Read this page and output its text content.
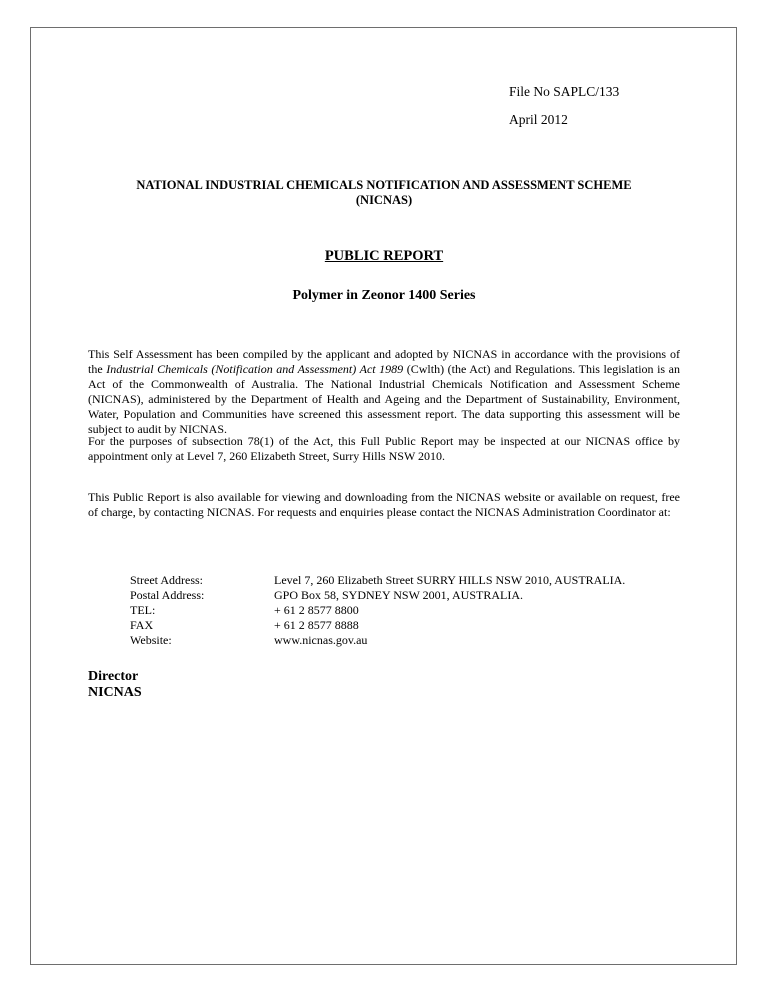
File No SAPLC/133
April 2012
NATIONAL INDUSTRIAL CHEMICALS NOTIFICATION AND ASSESSMENT SCHEME
(NICNAS)
PUBLIC REPORT
Polymer in Zeonor 1400 Series

This Self Assessment has been compiled by the applicant and adopted by NICNAS in accordance with the provisions of the Industrial Chemicals (Notification and Assessment) Act 1989 (Cwlth) (the Act) and Regulations. This legislation is an Act of the Commonwealth of Australia. The National Industrial Chemicals Notification and Assessment Scheme (NICNAS), administered by the Department of Health and Ageing and the Department of Sustainability, Environment, Water, Population and Communities have screened this assessment report. The data supporting this assessment will be subject to audit by NICNAS.

For the purposes of subsection 78(1) of the Act, this Full Public Report may be inspected at our NICNAS office by appointment only at Level 7, 260 Elizabeth Street, Surry Hills NSW 2010.

This Public Report is also available for viewing and downloading from the NICNAS website or available on request, free of charge, by contacting NICNAS. For requests and enquiries please contact the NICNAS Administration Coordinator at:

Street Address:	Level 7, 260 Elizabeth Street SURRY HILLS NSW 2010, AUSTRALIA.
Postal Address:	GPO Box 58, SYDNEY NSW 2001, AUSTRALIA.
TEL:	+ 61 2 8577 8800
FAX	+ 61 2 8577 8888
Website:	www.nicnas.gov.au
Director
NICNAS
